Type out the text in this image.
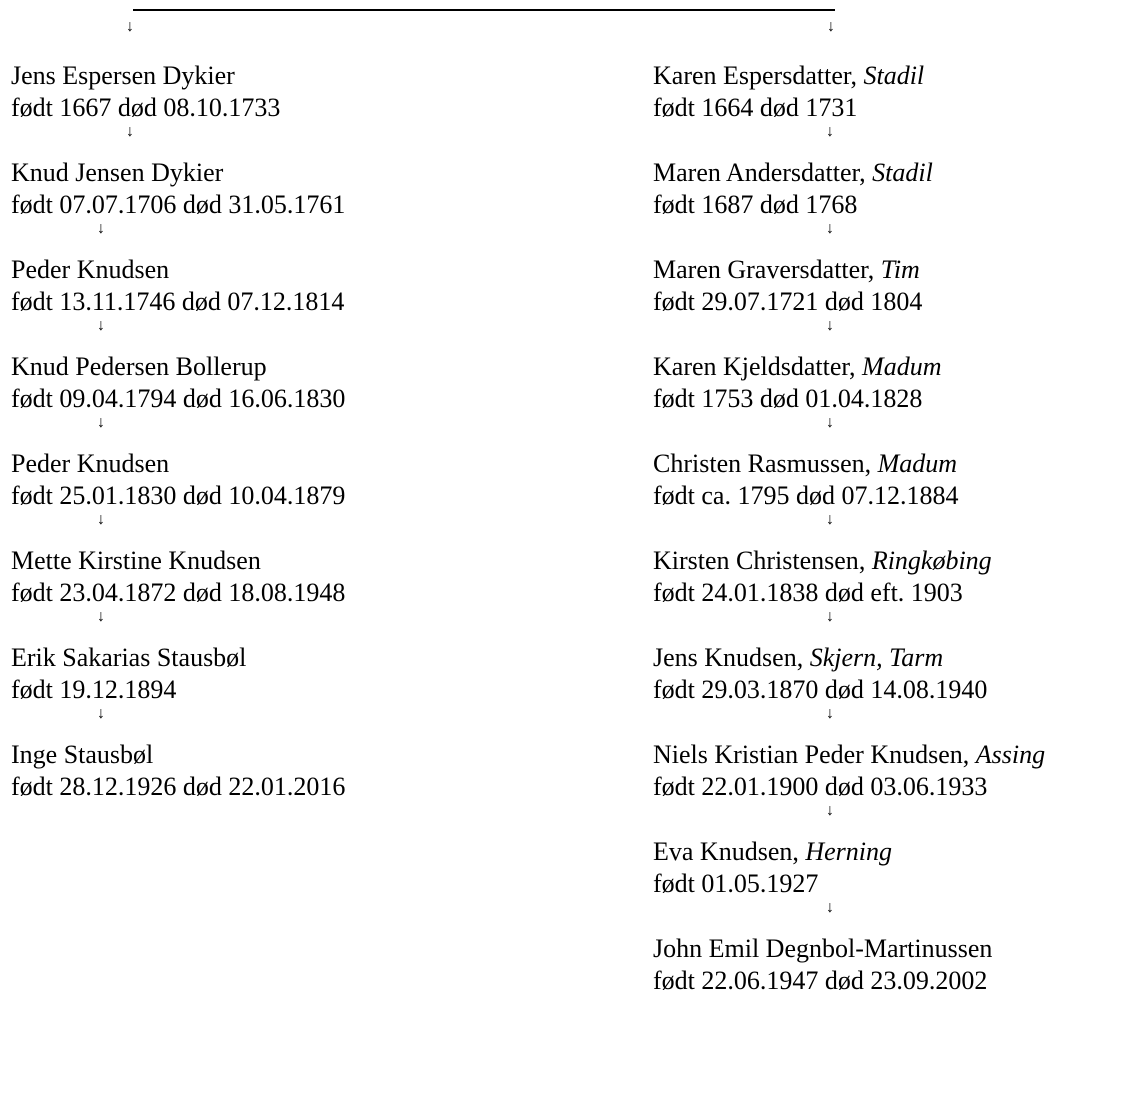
↓	↓
Jens Espersen Dykier
født 1667 død 08.10.1733
↓
Knud Jensen Dykier
født 07.07.1706 død 31.05.1761
↓
Peder Knudsen
født 13.11.1746 død 07.12.1814
↓
Knud Pedersen Bollerup
født 09.04.1794 død 16.06.1830
↓
Peder Knudsen
født 25.01.1830 død 10.04.1879
↓
Mette Kirstine Knudsen
født 23.04.1872 død 18.08.1948
↓
Erik Sakarias Stausbøl
født 19.12.1894
↓
Inge Stausbøl
født 28.12.1926 død 22.01.2016
Karen Espersdatter, Stadil
født 1664 død 1731
↓
Maren Andersdatter, Stadil
født 1687 død 1768
↓
Maren Graversdatter, Tim
født 29.07.1721 død 1804
↓
Karen Kjeldsdatter, Madum
født 1753 død 01.04.1828
↓
Christen Rasmussen, Madum
født ca. 1795 død 07.12.1884
↓
Kirsten Christensen, Ringkøbing
født 24.01.1838 død eft. 1903
↓
Jens Knudsen, Skjern, Tarm
født 29.03.1870 død 14.08.1940
↓
Niels Kristian Peder Knudsen, Assing
født 22.01.1900 død 03.06.1933
↓
Eva Knudsen, Herning
født 01.05.1927
↓
John Emil Degnbol-Martinussen
født 22.06.1947 død 23.09.2002
